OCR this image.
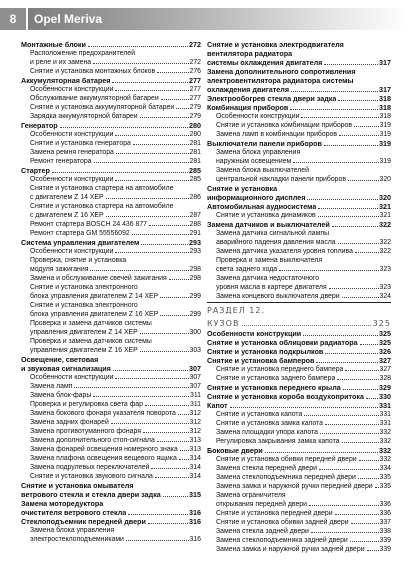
8	Opel Meriva
Монтажные блоки	272
Расположение предохранителей
и реле и их замена	272
Снятие и установка монтажных блоков	276
Аккумуляторная батарея	277
Особенности конструкции	277
Обслуживание аккумуляторной батареи	277
Снятие и установка аккумуляторной батареи 279
Зарядка аккумуляторной батареи	279
Генератор	280
Особенности конструкции	280
Снятие и установка генератора	281
Замена ремня генератора	281
Ремонт генератора	281
Стартер	285
Особенности конструкции	285
Снятие и установка стартера на автомобиле
с двигателем Z 14 XEP	286
Снятие и установка стартера на автомобиле
с двигателем Z 16 XEP	287
Ремонт стартера BOSCH 24 436 877	288
Ремонт стартера GM 55556092	291
Система управления двигателем	293
Особенности конструкции	293
Проверка, снятие и установка
модуля зажигания	298
Замена и обслуживание свечей зажигания	298
Снятие и установка электронного
блока управления двигателем Z 14 XEP	299
Снятие и установка электронного
блока управления двигателем Z 16 XEP	299
Проверка и замена датчиков системы
управления двигателем Z 14 XEP	300
Проверка и замена датчиков системы
управления двигателем Z 16 XEP	303
Освещение, световая
и звуковая сигнализация	307
Особенности конструкции	307
Замена ламп	307
Замена блок-фары	311
Проверка и регулировка света фар	311
Замена бокового фонаря указателя поворота 312
Замена задних фонарей	312
Замена противотуманного фонаря	312
Замена дополнительного стоп-сигнала	313
Замена фонарей освещения номерного знака 313
Замена плафона освещения вещевого ящика 314
Замена подрулевых переключателей	314
Снятие и установка звукового сигнала	314
Снятие и установка омывателя
ветрового стекла и стекла двери задка	315
Замена моторедуктора
очистителя ветрового стекла	316
Стеклоподъемник передней двери	316
Замена блока управления
электростеклоподъемниками	316
Снятие и установка электродвигателя
вентилятора радиатора
системы охлаждения двигателя	317
Замена дополнительного сопротивления
электровентилятора радиатора системы
охлаждения двигателя	317
Электрообогрев стекла двери задка	318
Комбинация приборов	318
Особенности конструкции	318
Снятие и установка комбинации приборов	319
Замена ламп в комбинации приборов	319
Выключатели панели приборов	319
Замена блока управления
наружным освещением	319
Замена блока выключателей
центральной накладки панели приборов	320
Снятие и установка
информационного дисплея	320
Автомобильная аудиосистема	321
Снятие и установка динамиков	321
Замена датчиков и выключателей	322
Замена датчика сигнальной лампы
аварийного падения давления масла	322
Замена датчика указателя уровня топлива	322
Проверка и замена выключателя
света заднего хода	323
Замена датчика недостаточного
уровня масла в картере двигателя	323
Замена концевого выключателя двери	324
РАЗДЕЛ 12.
КУЗОВ	325
Особенности конструкции	325
Снятие и установка облицовки радиатора	325
Снятие и установка подкрылков	326
Снятие и установка бамперов	327
Снятие и установка переднего бампера	327
Снятие и установка заднего бампера	328
Снятие и установка переднего крыла	329
Снятие и установка короба воздухопритока 330
Капот	331
Снятие и установка капота	331
Снятие и установка замка капота	331
Замена площадки упора капота	332
Регулировка закрывания замка капота	332
Боковые двери	332
Снятие и установка обивки передней двери	332
Замена стекла передней двери	334
Замена стеклоподъемника передней двери	335
Замена замка и наружной ручки передней двери 335
Замена ограничителя
открывания передней двери	336
Снятие и установка передней двери	336
Снятие и установка обивки задней двери	337
Замена стекла задней двери	338
Замена стеклоподъемника задней двери	339
Замена замка и наружной ручки задней двери 339
